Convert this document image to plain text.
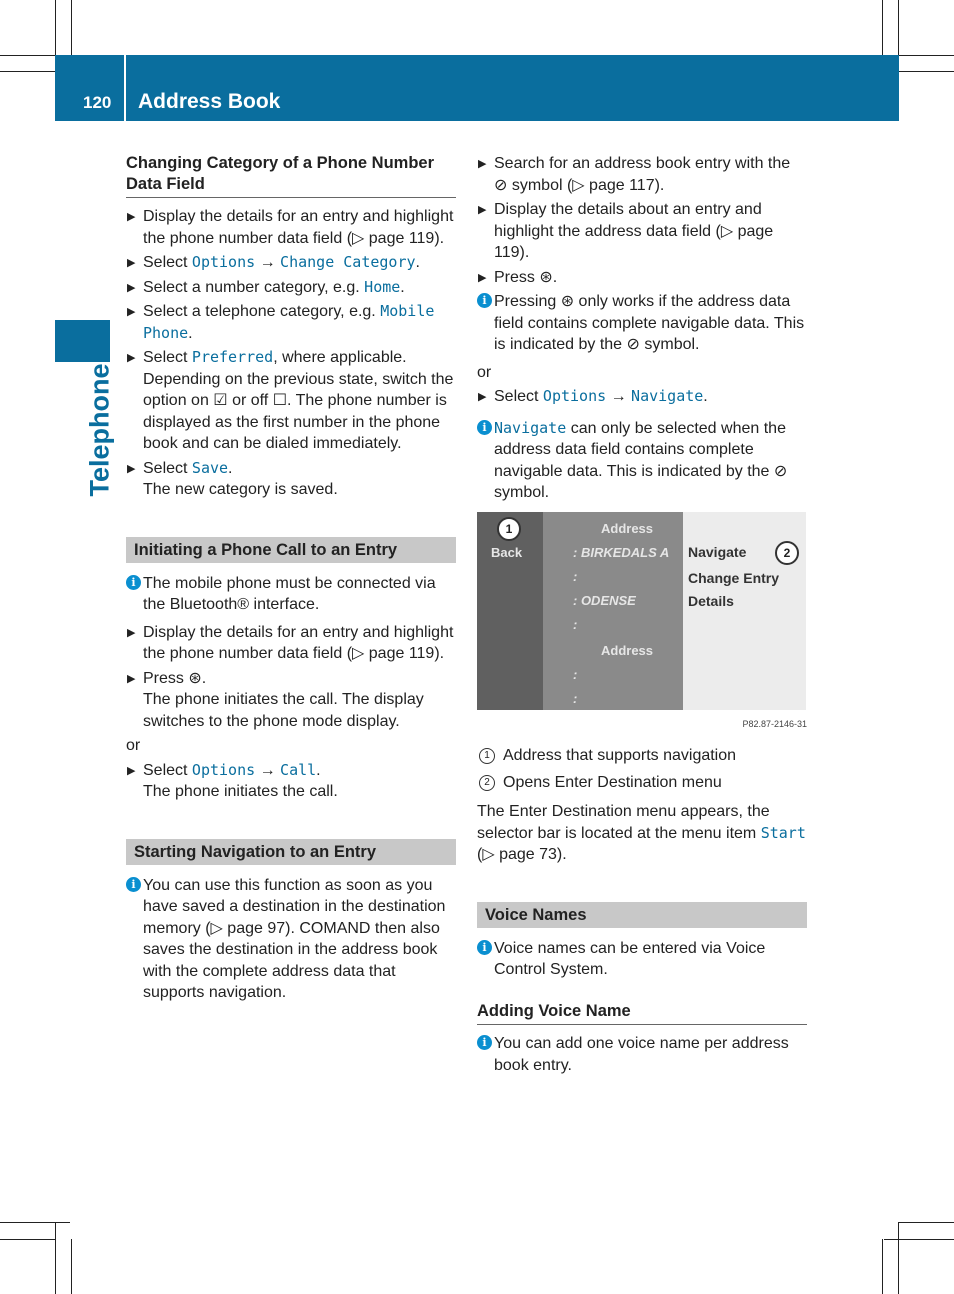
120 Address Book
Telephone
Changing Category of a Phone Number Data Field
▶ Display the details for an entry and highlight the phone number data field (▷ page 119).
▶ Select Options → Change Category.
▶ Select a number category, e.g. Home.
▶ Select a telephone category, e.g. Mobile Phone.
▶ Select Preferred, where applicable. Depending on the previous state, switch the option on ☑ or off ☐. The phone number is displayed as the first number in the phone book and can be dialed immediately.
▶ Select Save.
The new category is saved.
Initiating a Phone Call to an Entry
i The mobile phone must be connected via the Bluetooth® interface.
▶ Display the details for an entry and highlight the phone number data field (▷ page 119).
▶ Press ⊛.
The phone initiates the call. The display switches to the phone mode display.
or
▶ Select Options → Call.
The phone initiates the call.
Starting Navigation to an Entry
i You can use this function as soon as you have saved a destination in the destination memory (▷ page 97). COMAND then also saves the destination in the address book with the complete address data that supports navigation.
▶ Search for an address book entry with the ⊘ symbol (▷ page 117).
▶ Display the details about an entry and highlight the address data field (▷ page 119).
▶ Press ⊛.
i Pressing ⊛ only works if the address data field contains complete navigable data. This is indicated by the ⊘ symbol.
or
▶ Select Options → Navigate.
i Navigate can only be selected when the address data field contains complete navigable data. This is indicated by the ⊘ symbol.
Back
Address
: BIRKEDALS A
:
: ODENSE
:
Address
:
:
Navigate
Change Entry
Details
1
2
P82.87-2146-31
1 Address that supports navigation
2 Opens Enter Destination menu
The Enter Destination menu appears, the selector bar is located at the menu item Start (▷ page 73).
Voice Names
i Voice names can be entered via Voice Control System.
Adding Voice Name
i You can add one voice name per address book entry.
